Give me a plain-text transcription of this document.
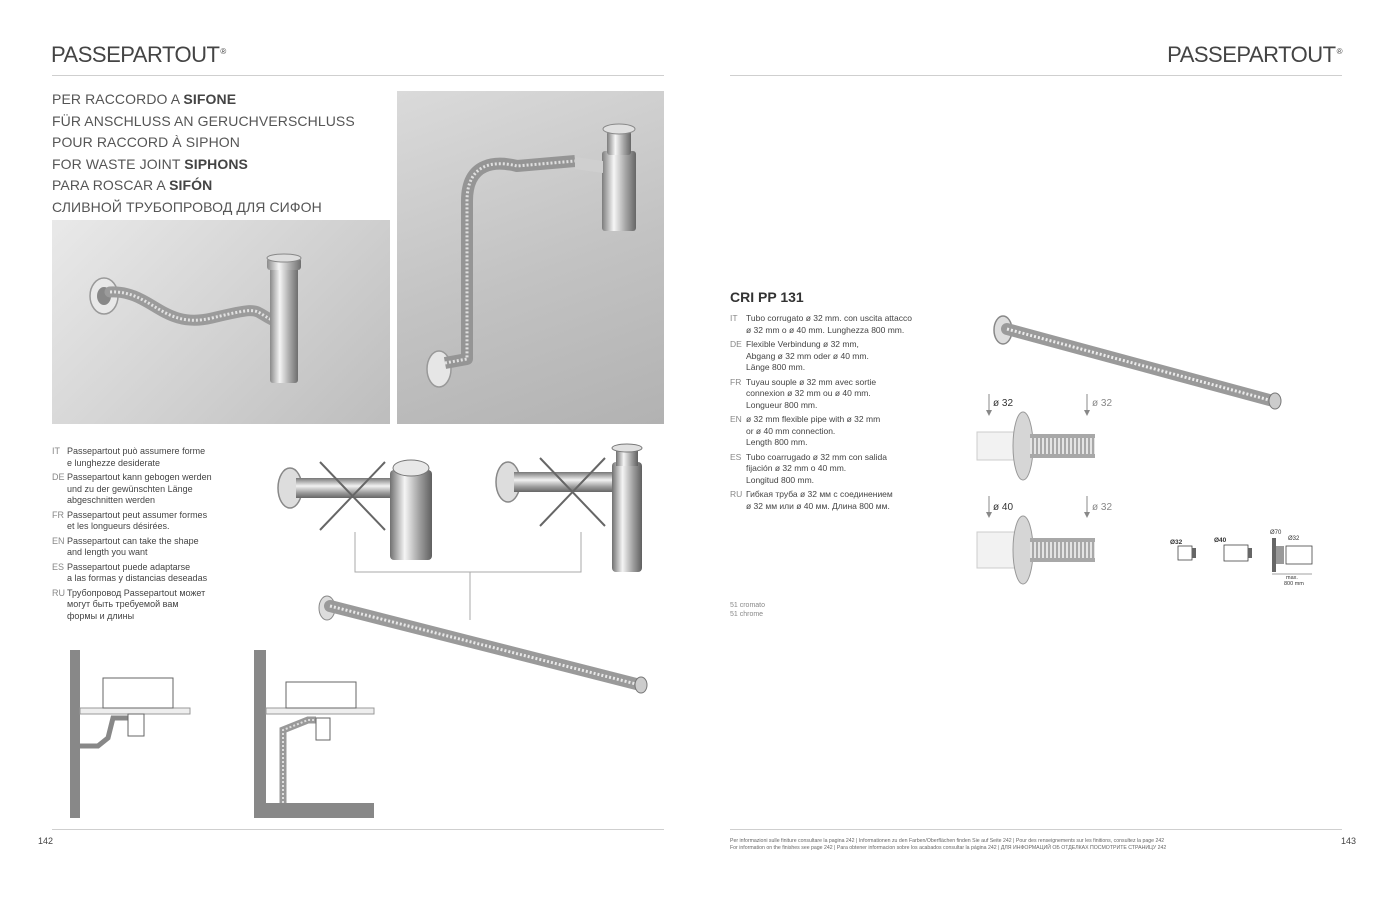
PASSEPARTOUT®
PER RACCORDO A SIFONE
FÜR ANSCHLUSS AN GERUCHVERSCHLUSS
POUR RACCORD À SIPHON
FOR WASTE JOINT SIPHONS
PARA ROSCAR A SIFÓN
СЛИВНОЙ ТРУБОПРОВОД ДЛЯ СИФОН
IT Passepartout può assumere forme
e lunghezze desiderate
DE Passepartout kann gebogen werden
und zu der gewünschten Länge
abgeschnitten werden
FR Passepartout peut assumer formes
et les longueurs désirées.
EN Passepartout can take the shape
and length you want
ES Passepartout puede adaptarse
a las formas y distancias deseadas
RU Трубопровод Passepartout может
могут быть требуемой вам
формы и длины
142
PASSEPARTOUT®
CRI PP 131
IT Tubo corrugato ø 32 mm. con uscita attacco
ø 32 mm o ø 40 mm. Lunghezza 800 mm.
DE Flexible Verbindung ø 32 mm,
Abgang ø 32 mm oder ø 40 mm.
Länge 800 mm.
FR Tuyau souple ø 32 mm avec sortie
connexion ø 32 mm ou ø 40 mm.
Longueur 800 mm.
EN ø 32 mm flexible pipe with ø 32 mm
or ø 40 mm connection.
Length 800 mm.
ES Tubo coarrugado ø 32 mm con salida
fijación ø 32 mm o 40 mm.
Longitud 800 mm.
RU Гибкая труба ø 32 мм с соединением
ø 32 мм или ø 40 мм. Длина 800 мм.
ø 32	ø 32
ø 40	ø 32
Ø32	Ø40
Ø70
Ø32
max.
800 mm
51 cromato
51 chrome
Per informazioni sulle finiture consultare la pagina 242 | Informationen zu den Farben/Oberflächen finden Sie auf Seite 242 | Pour des renseignements sur les finitions, consultez la page 242
For information on the finishes see page 242 | Para obtener informacion sobre los acabados consultar la página 242 | ДЛЯ ИНФОРМАЦИЙ ОБ ОТДЕЛКАХ ПОСМОТРИТЕ СТРАНИЦУ 242
143
